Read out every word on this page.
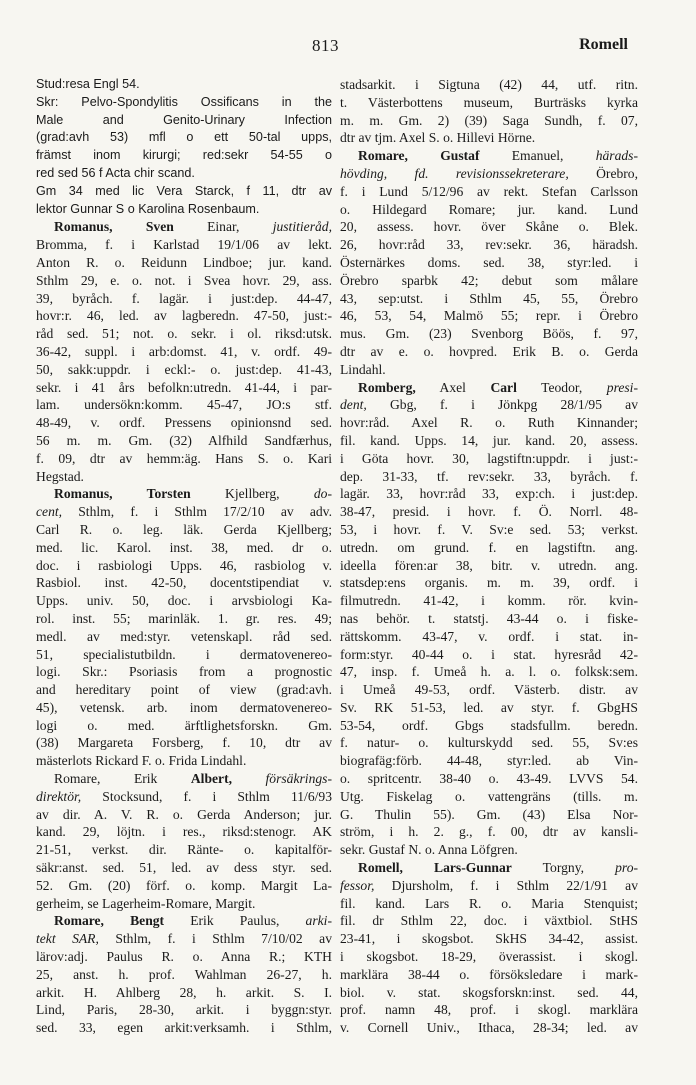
813	Romell
Stud:resa Engl 54.
Skr: Pelvo-Spondylitis Ossificans in the
Male and Genito-Urinary Infection
(grad:avh 53) mfl o ett 50-tal upps,
främst inom kirurgi; red:sekr 54-55 o
red sed 56 f Acta chir scand.
Gm 34 med lic Vera Starck, f 11, dtr av
lektor Gunnar S o Karolina Rosenbaum.
Romanus, Sven Einar, justitieråd,
Bromma, f. i Karlstad 19/1/06 av lekt.
Anton R. o. Reidunn Lindboe; jur. kand.
Sthlm 29, e. o. not. i Svea hovr. 29, ass.
39, byråch. f. lagär. i just:dep. 44-47,
hovr:r. 46, led. av lagberedn. 47-50, just:-
råd sed. 51; not. o. sekr. i ol. riksd:utsk.
36-42, suppl. i arb:domst. 41, v. ordf. 49-
50, sakk:uppdr. i eckl:- o. just:dep. 41-43,
sekr. i 41 års befolkn:utredn. 41-44, i par-
lam. undersökn:komm. 45-47, JO:s stf.
48-49, v. ordf. Pressens opinionsnd sed.
56 m. m. Gm. (32) Alfhild Sandfærhus,
f. 09, dtr av hemm:äg. Hans S. o. Kari
Hegstad.
Romanus, Torsten Kjellberg, do-
cent, Sthlm, f. i Sthlm 17/2/10 av adv.
Carl R. o. leg. läk. Gerda Kjellberg;
med. lic. Karol. inst. 38, med. dr o.
doc. i rasbiologi Upps. 46, rasbiolog v.
Rasbiol. inst. 42-50, docentstipendiat v.
Upps. univ. 50, doc. i arvsbiologi Ka-
rol. inst. 55; marinläk. 1. gr. res. 49;
medl. av med:styr. vetenskapl. råd sed.
51, specialistutbildn. i dermatovenereo-
logi. Skr.: Psoriasis from a prognostic
and hereditary point of view (grad:avh.
45), vetensk. arb. inom dermatovenereo-
logi o. med. ärftlighetsforskn. Gm.
(38) Margareta Forsberg, f. 10, dtr av
mästerlots Rickard F. o. Frida Lindahl.
Romare, Erik Albert, försäkrings-
direktör, Stocksund, f. i Sthlm 11/6/93
av dir. A. V. R. o. Gerda Anderson; jur.
kand. 29, löjtn. i res., riksd:stenogr. AK
21-51, verkst. dir. Ränte- o. kapitalför-
säkr:anst. sed. 51, led. av dess styr. sed.
52. Gm. (20) förf. o. komp. Margit La-
gerheim, se Lagerheim-Romare, Margit.
Romare, Bengt Erik Paulus, arki-
tekt SAR, Sthlm, f. i Sthlm 7/10/02 av
lärov:adj. Paulus R. o. Anna R.; KTH
25, anst. h. prof. Wahlman 26-27, h.
arkit. H. Ahlberg 28, h. arkit. S. I.
Lind, Paris, 28-30, arkit. i byggn:styr.
sed. 33, egen arkit:verksamh. i Sthlm,
stadsarkit. i Sigtuna (42) 44, utf. ritn.
t. Västerbottens museum, Burträsks kyrka
m. m. Gm. 2) (39) Saga Sundh, f. 07,
dtr av tjm. Axel S. o. Hillevi Hörne.
Romare, Gustaf Emanuel, härads-
hövding, fd. revisionssekreterare, Örebro,
f. i Lund 5/12/96 av rekt. Stefan Carlsson
o. Hildegard Romare; jur. kand. Lund
20, assess. hovr. över Skåne o. Blek.
26, hovr:råd 33, rev:sekr. 36, häradsh.
Östernärkes doms. sed. 38, styr:led. i
Örebro sparbk 42; debut som målare
43, sep:utst. i Sthlm 45, 55, Örebro
46, 53, 54, Malmö 55; repr. i Örebro
mus. Gm. (23) Svenborg Böös, f. 97,
dtr av e. o. hovpred. Erik B. o. Gerda
Lindahl.
Romberg, Axel Carl Teodor, presi-
dent, Gbg, f. i Jönkpg 28/1/95 av
hovr:råd. Axel R. o. Ruth Kinnander;
fil. kand. Upps. 14, jur. kand. 20, assess.
i Göta hovr. 30, lagstiftn:uppdr. i just:-
dep. 31-33, tf. rev:sekr. 33, byråch. f.
lagär. 33, hovr:råd 33, exp:ch. i just:dep.
38-47, presid. i hovr. f. Ö. Norrl. 48-
53, i hovr. f. V. Sv:e sed. 53; verkst.
utredn. om grund. f. en lagstiftn. ang.
ideella fören:ar 38, bitr. v. utredn. ang.
statsdep:ens organis. m. m. 39, ordf. i
filmutredn. 41-42, i komm. rör. kvin-
nas behör. t. statstj. 43-44 o. i fiske-
rättskomm. 43-47, v. ordf. i stat. in-
form:styr. 40-44 o. i stat. hyresråd 42-
47, insp. f. Umeå h. a. l. o. folksk:sem.
i Umeå 49-53, ordf. Västerb. distr. av
Sv. RK 51-53, led. av styr. f. GbgHS
53-54, ordf. Gbgs stadsfullm. beredn.
f. natur- o. kulturskydd sed. 55, Sv:es
biografäg:förb. 44-48, styr:led. ab Vin-
o. spritcentr. 38-40 o. 43-49. LVVS 54.
Utg. Fiskelag o. vattengräns (tills. m.
G. Thulin 55). Gm. (43) Elsa Nor-
ström, i h. 2. g., f. 00, dtr av kansli-
sekr. Gustaf N. o. Anna Löfgren.
Romell, Lars-Gunnar Torgny, pro-
fessor, Djursholm, f. i Sthlm 22/1/91 av
fil. kand. Lars R. o. Maria Stenquist;
fil. dr Sthlm 22, doc. i växtbiol. StHS
23-41, i skogsbot. SkHS 34-42, assist.
i skogsbot. 18-29, överassist. i skogl.
marklära 38-44 o. försöksledare i mark-
biol. v. stat. skogsforskn:inst. sed. 44,
prof. namn 48, prof. i skogl. marklära
v. Cornell Univ., Ithaca, 28-34; led. av
